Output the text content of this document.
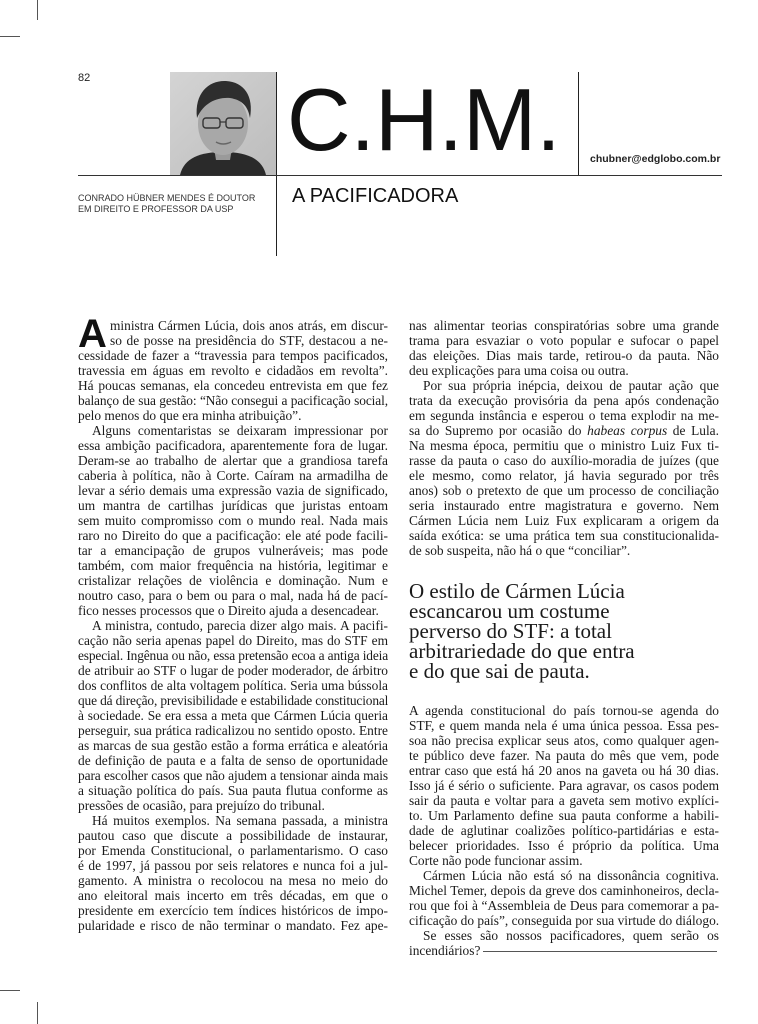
82 C.H.M.	chubner@edglobo.com.br
CONRADO HÜBNER MENDES É DOUTOR
EM DIREITO E PROFESSOR DA USP
A PACIFICADORA
A ministra Cármen Lúcia, dois anos atrás, em discur-
so de posse na presidência do STF, destacou a ne-
cessidade de fazer a “travessia para tempos pacificados,
travessia em águas em revolto e cidadãos em revolta”.
Há poucas semanas, ela concedeu entrevista em que fez
balanço de sua gestão: “Não consegui a pacificação social,
pelo menos do que era minha atribuição”.
Alguns comentaristas se deixaram impressionar por
essa ambição pacificadora, aparentemente fora de lugar.
Deram-se ao trabalho de alertar que a grandiosa tarefa
caberia à política, não à Corte. Caíram na armadilha de
levar a sério demais uma expressão vazia de significado,
um mantra de cartilhas jurídicas que juristas entoam
sem muito compromisso com o mundo real. Nada mais
raro no Direito do que a pacificação: ele até pode facili-
tar a emancipação de grupos vulneráveis; mas pode
também, com maior frequência na história, legitimar e
cristalizar relações de violência e dominação. Num e
noutro caso, para o bem ou para o mal, nada há de pací-
fico nesses processos que o Direito ajuda a desencadear.
A ministra, contudo, parecia dizer algo mais. A pacifi-
cação não seria apenas papel do Direito, mas do STF em
especial. Ingênua ou não, essa pretensão ecoa a antiga ideia
de atribuir ao STF o lugar de poder moderador, de árbitro
dos conflitos de alta voltagem política. Seria uma bússola
que dá direção, previsibilidade e estabilidade constitucional
à sociedade. Se era essa a meta que Cármen Lúcia queria
perseguir, sua prática radicalizou no sentido oposto. Entre
as marcas de sua gestão estão a forma errática e aleatória
de definição de pauta e a falta de senso de oportunidade
para escolher casos que não ajudem a tensionar ainda mais
a situação política do país. Sua pauta flutua conforme as
pressões de ocasião, para prejuízo do tribunal.
Há muitos exemplos. Na semana passada, a ministra
pautou caso que discute a possibilidade de instaurar,
por Emenda Constitucional, o parlamentarismo. O caso
é de 1997, já passou por seis relatores e nunca foi a jul-
gamento. A ministra o recolocou na mesa no meio do
ano eleitoral mais incerto em três décadas, em que o
presidente em exercício tem índices históricos de impo-
pularidade e risco de não terminar o mandato. Fez ape-
nas alimentar teorias conspiratórias sobre uma grande
trama para esvaziar o voto popular e sufocar o papel
das eleições. Dias mais tarde, retirou-o da pauta. Não
deu explicações para uma coisa ou outra.
Por sua própria inépcia, deixou de pautar ação que
trata da execução provisória da pena após condenação
em segunda instância e esperou o tema explodir na me-
sa do Supremo por ocasião do habeas corpus de Lula.
Na mesma época, permitiu que o ministro Luiz Fux ti-
rasse da pauta o caso do auxílio-moradia de juízes (que
ele mesmo, como relator, já havia segurado por três
anos) sob o pretexto de que um processo de conciliação
seria instaurado entre magistratura e governo. Nem
Cármen Lúcia nem Luiz Fux explicaram a origem da
saída exótica: se uma prática tem sua constitucionalida-
de sob suspeita, não há o que “conciliar”.
O estilo de Cármen Lúcia
escancarou um costume
perverso do STF: a total
arbitrariedade do que entra
e do que sai de pauta.
A agenda constitucional do país tornou-se agenda do
STF, e quem manda nela é uma única pessoa. Essa pes-
soa não precisa explicar seus atos, como qualquer agen-
te público deve fazer. Na pauta do mês que vem, pode
entrar caso que está há 20 anos na gaveta ou há 30 dias.
Isso já é sério o suficiente. Para agravar, os casos podem
sair da pauta e voltar para a gaveta sem motivo explíci-
to. Um Parlamento define sua pauta conforme a habili-
dade de aglutinar coalizões político-partidárias e esta-
belecer prioridades. Isso é próprio da política. Uma
Corte não pode funcionar assim.
Cármen Lúcia não está só na dissonância cognitiva.
Michel Temer, depois da greve dos caminhoneiros, decla-
rou que foi à “Assembleia de Deus para comemorar a pa-
cificação do país”, conseguida por sua virtude do diálogo.
Se esses são nossos pacificadores, quem serão os
incendiários?
